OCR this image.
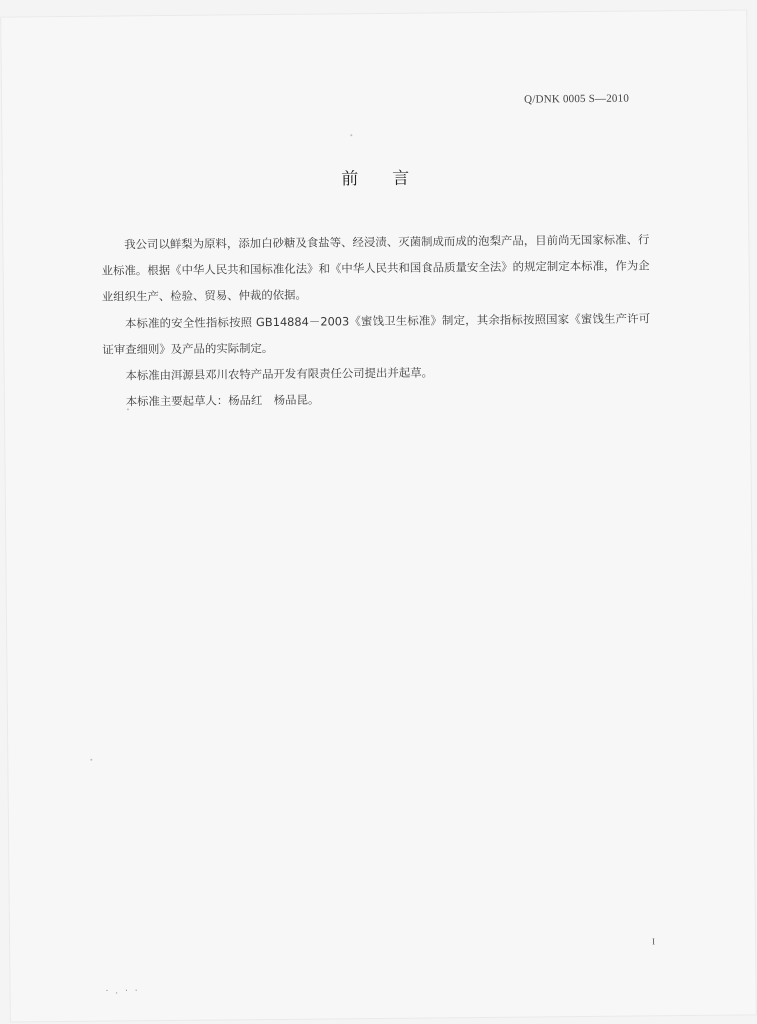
Q/DNK 0005 S—2010
前言

我公司以鲜梨为原料，添加白砂糖及食盐等、经浸渍、灭菌制成而成的泡梨产品，目前尚无国家标准、行业标准。根据《中华人民共和国标准化法》和《中华人民共和国食品质量安全法》的规定制定本标准，作为企业组织生产、检验、贸易、仲裁的依据。

本标准的安全性指标按照 GB14884－2003《蜜饯卫生标准》制定，其余指标按照国家《蜜饯生产许可证审查细则》及产品的实际制定。

本标准由洱源县邓川农特产品开发有限责任公司提出并起草。

本标准主要起草人：杨品红　杨品昆。

I
· . · ·
